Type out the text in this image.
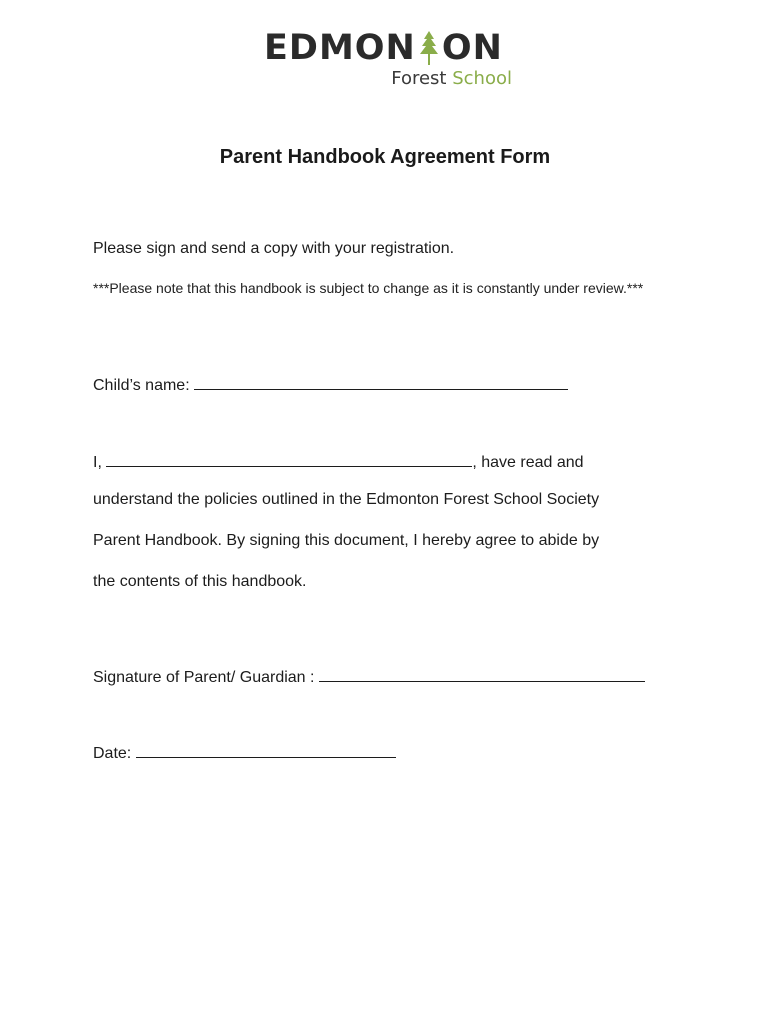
EDMON ON
Forest School
Parent Handbook Agreement Form
Please sign and send a copy with your registration.
***Please note that this handbook is subject to change as it is constantly under review.***
Child’s name:
I,	, have read and
understand the policies outlined in the Edmonton Forest School Society
Parent Handbook. By signing this document, I hereby agree to abide by
the contents of this handbook.
Signature of Parent/ Guardian :
Date:
